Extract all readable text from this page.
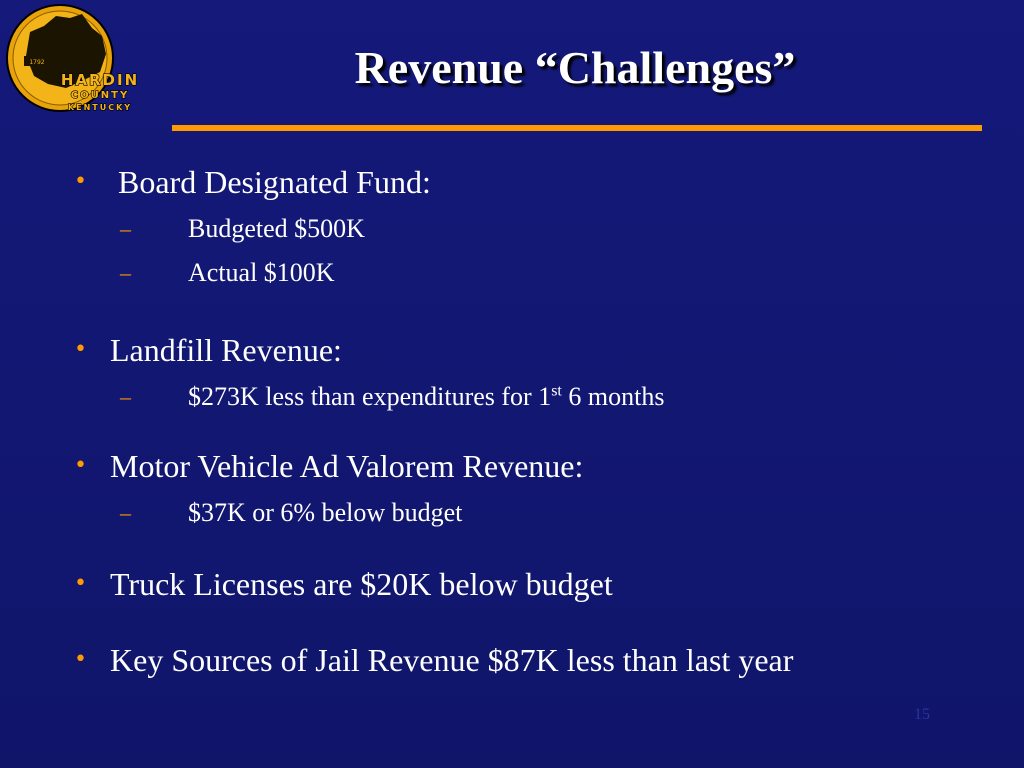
1792
HARDIN
COUNTY
KENTUCKY
Revenue “Challenges”
• Board Designated Fund:
– Budgeted $500K
– Actual $100K
• Landfill Revenue:
– $273K less than expenditures for 1st 6 months
• Motor Vehicle Ad Valorem Revenue:
– $37K or 6% below budget
• Truck Licenses are $20K below budget
• Key Sources of Jail Revenue $87K less than last year
15
